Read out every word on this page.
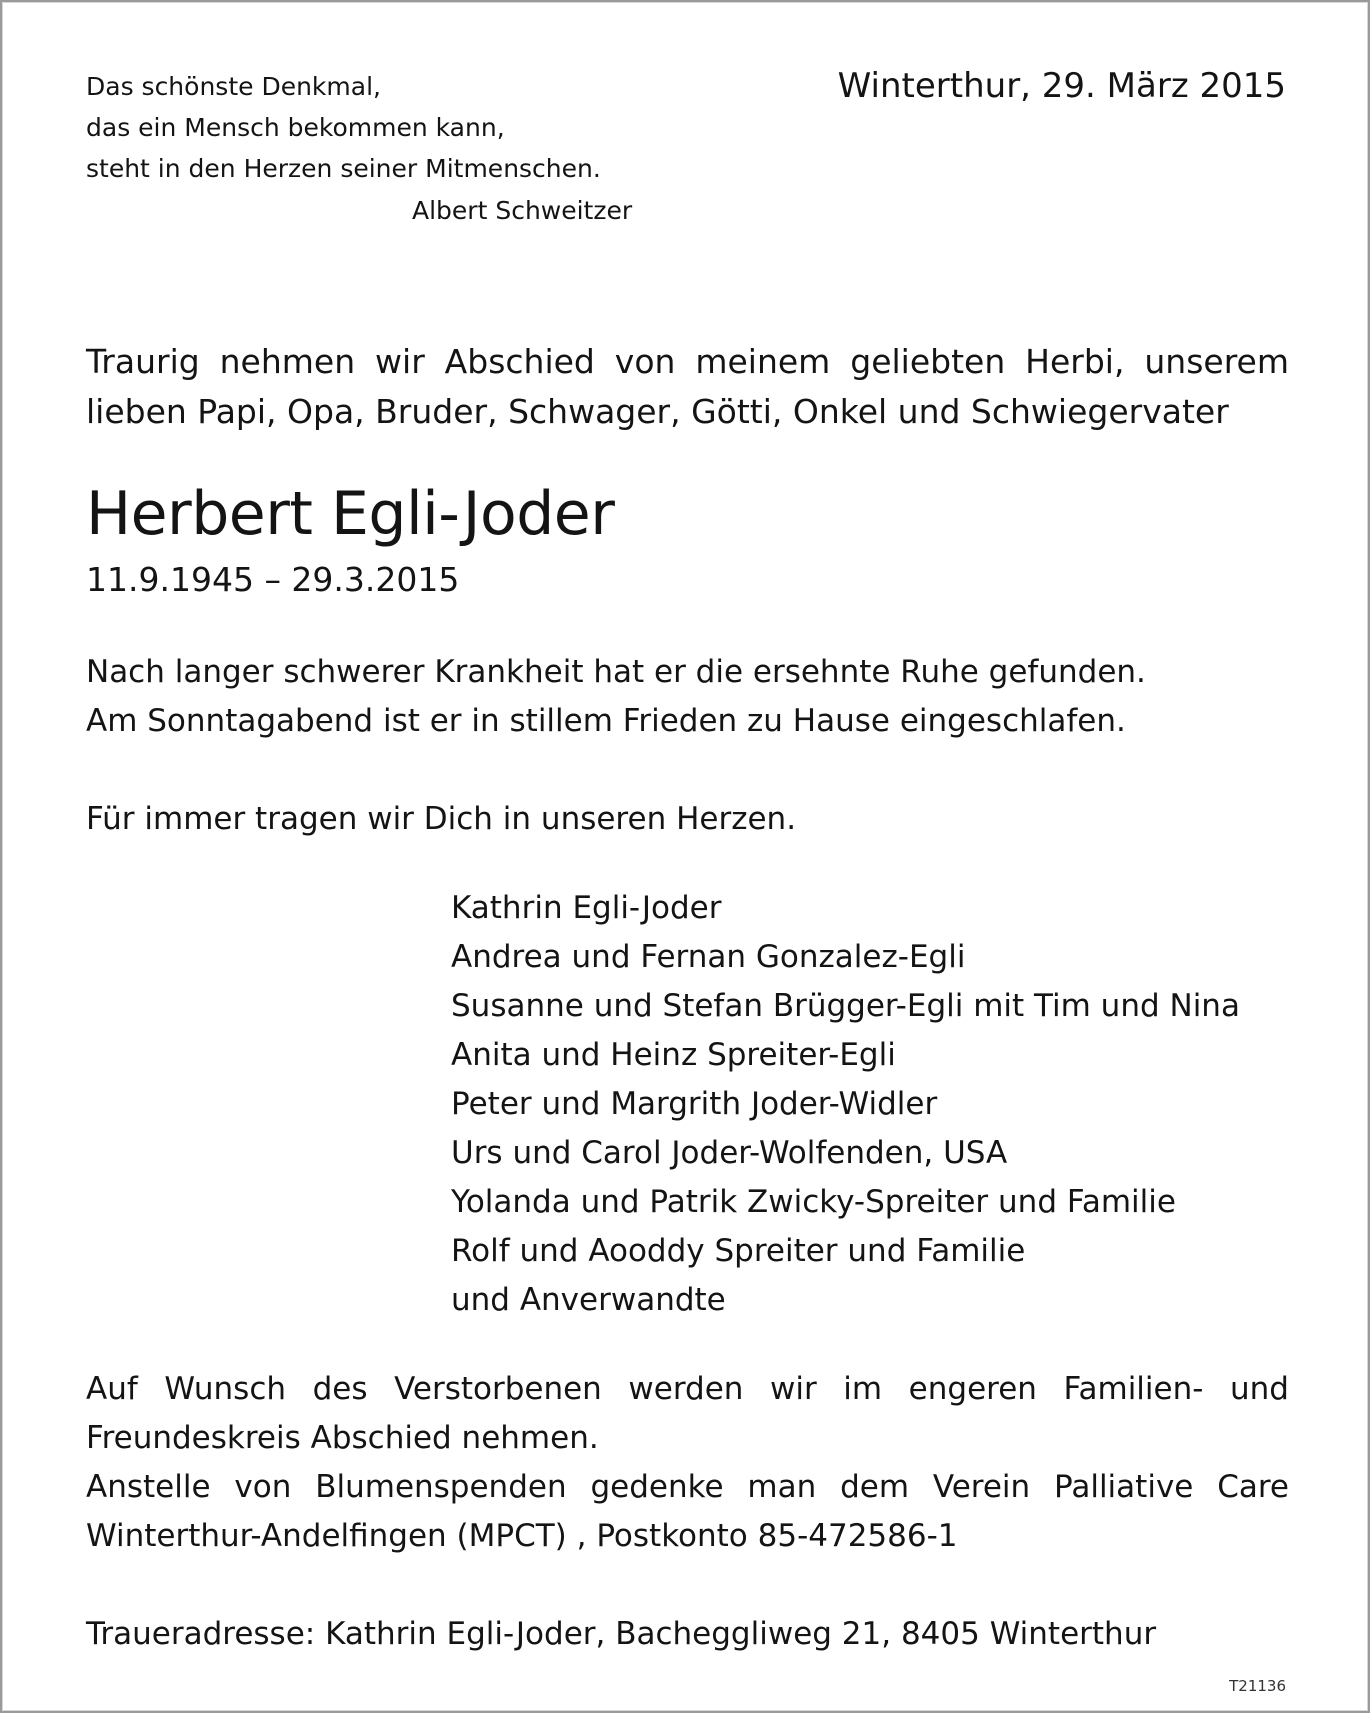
Das schönste Denkmal,
das ein Mensch bekommen kann,
steht in den Herzen seiner Mitmenschen.
Albert Schweitzer
Winterthur, 29. März 2015
Traurig nehmen wir Abschied von meinem geliebten Herbi, unserem lieben Papi, Opa, Bruder, Schwager, Götti, Onkel und Schwiegervater
Herbert Egli-Joder
11.9.1945 – 29.3.2015
Nach langer schwerer Krankheit hat er die ersehnte Ruhe gefunden.
Am Sonntagabend ist er in stillem Frieden zu Hause eingeschlafen.
Für immer tragen wir Dich in unseren Herzen.
Kathrin Egli-Joder
Andrea und Fernan Gonzalez-Egli
Susanne und Stefan Brügger-Egli mit Tim und Nina
Anita und Heinz Spreiter-Egli
Peter und Margrith Joder-Widler
Urs und Carol Joder-Wolfenden, USA
Yolanda und Patrik Zwicky-Spreiter und Familie
Rolf und Aooddy Spreiter und Familie
und Anverwandte

Auf Wunsch des Verstorbenen werden wir im engeren Familien- und Freundeskreis Abschied nehmen.

Anstelle von Blumenspenden gedenke man dem Verein Palliative Care Winterthur-Andelfingen (MPCT) , Postkonto 85-472586-1

Traueradresse: Kathrin Egli-Joder, Bacheggliweg 21, 8405 Winterthur
T21136
